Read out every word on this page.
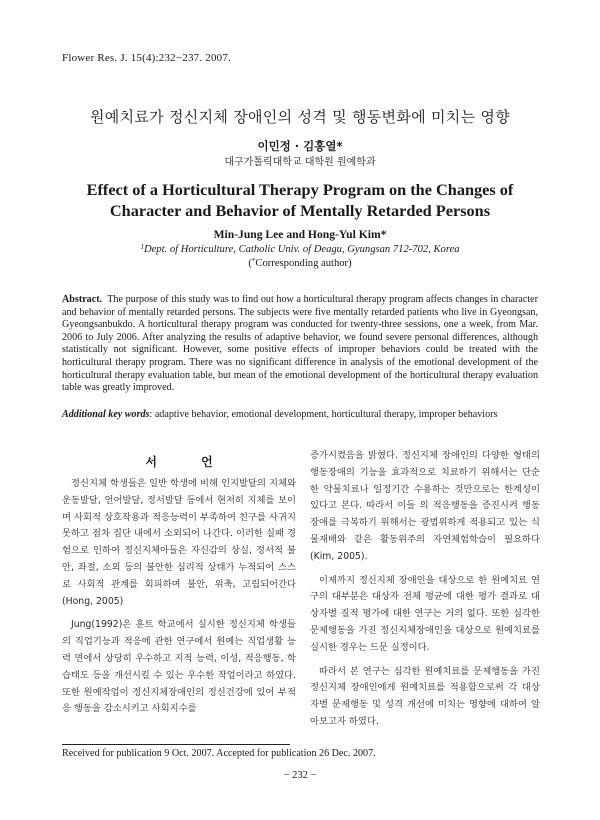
Flower Res. J. 15(4):232−237. 2007.
원예치료가 정신지체 장애인의 성격 및 행동변화에 미치는 영향
이민정 · 김홍열*
대구가톨릭대학교 대학원 원예학과
Effect of a Horticultural Therapy Program on the Changes of
Character and Behavior of Mentally Retarded Persons
Min-Jung Lee and Hong-Yul Kim*
$^1$Dept. of Horticulture, Catholic Univ. of Deagu, Gyungsan 712-702, Korea
(*Corresponding author)
Abstract. The purpose of this study was to find out how a horticultural therapy program affects changes in character and behavior of mentally retarded persons. The subjects were five mentally retarded patients who live in Gyeongsan, Gyeongsanbukdo. A horticultural therapy program was conducted for twenty-three sessions, one a week, from Mar. 2006 to July 2006. After analyzing the results of adaptive behavior, we found severe personal differences, although statistically not significant. However, some positive effects of improper behaviors could be treated with the horticultural therapy program. There was no significant difference in analysis of the emotional development of the horticultural therapy evaluation table, but mean of the emotional development of the horticultural therapy evaluation table was greatly improved.
Additional key words: adaptive behavior, emotional development, horticultural therapy, improper behaviors
서 언

정신지체 학생들은 일반 학생에 비해 인지발달의 지체와 운동발달, 언어발달, 정서발달 등에서 현저히 지체를 보이며 사회적 상호작용과 적응능력이 부족하여 친구를 사귀지 못하고 점차 집단 내에서 소외되어 나간다. 이러한 실패 경험으로 인하여 정신지체아들은 자신감의 상실, 정서적 불안, 좌절, 소외 등의 불안한 심리적 상태가 누적되어 스스로 사회적 관계를 회피하며 불안, 위축, 고립되어간다(Hong, 2005)

Jung(1992)은 훈트 학교에서 실시한 정신지체 학생들의 직업기능과 적응에 관한 연구에서 원예는 직업생활 능력 면에서 상당히 우수하고 지적 능력, 이성, 적응행동, 학습태도 등을 개선시킬 수 있는 우수한 작업이라고 하였다. 또한 원예작업이 정신지체장애인의 정신건강에 있어 부적응 행동을 감소시키고 사회지수를

증가시켰음을 밝혔다. 정신지체 장애인의 다양한 형태의 행동장애의 기능을 효과적으로 치료하기 위해서는 단순한 약물치료나 일정기간 수용하는 것만으로는 한계성이 있다고 본다. 따라서 이들 의 적응행동을 증진시켜 행동장애를 극복하기 위해서는 광범위하게 적용되고 있는 식물재배와 같은 활동위주의 자연체험학습이 필요하다(Kim, 2005).

이제까지 정신지체 장애인을 대상으로 한 원예치료 연구의 대부분은 대상자 전체 평균에 대한 평가 결과로 대상자별 질적 평가에 대한 연구는 거의 없다. 또한 심각한 문제행동을 가진 정신지체장애인을 대상으로 원예치료를 실시한 경우는 드문 실정이다.

따라서 본 연구는 심각한 원예치료를 문제행동을 가진 정신지체 장애인에게 원예치료를 적용함으로써 각 대상자별 문제행동 및 성격 개선에 미치는 영향에 대하여 알아보고자 하였다.

Received for publication 9 Oct. 2007. Accepted for publication 26 Dec. 2007.
− 232 −
